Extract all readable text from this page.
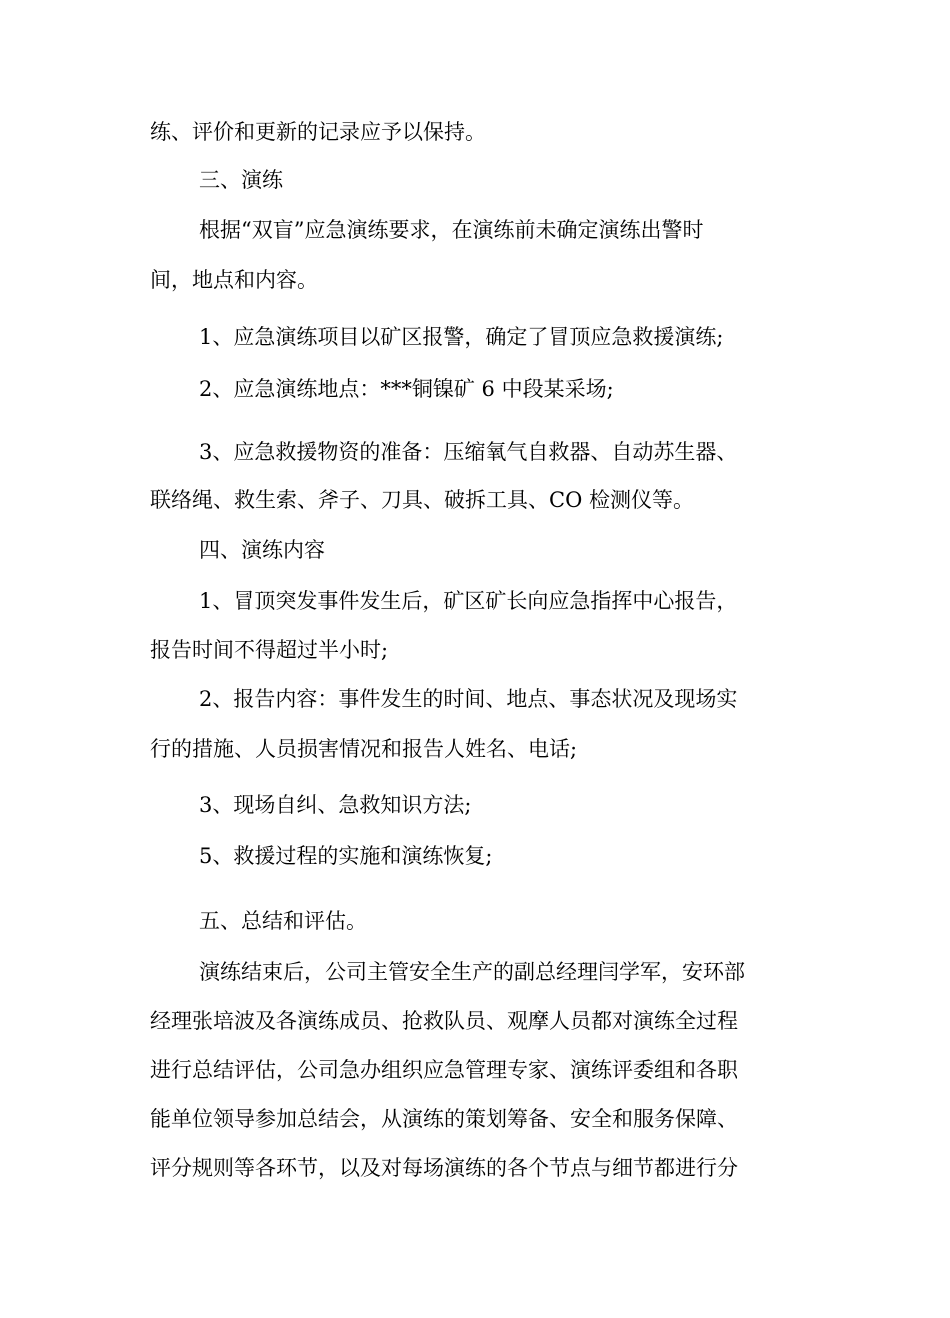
练、评价和更新的记录应予以保持。

三、演练

根据“双盲”应急演练要求，在演练前未确定演练出警时

间，地点和内容。

1、应急演练项目以矿区报警，确定了冒顶应急救援演练;

2、应急演练地点：***铜镍矿 6 中段某采场;

3、应急救援物资的准备：压缩氧气自救器、自动苏生器、

联络绳、救生索、斧子、刀具、破拆工具、CO 检测仪等。

四、演练内容

1、冒顶突发事件发生后，矿区矿长向应急指挥中心报告，

报告时间不得超过半小时;

2、报告内容：事件发生的时间、地点、事态状况及现场实

行的措施、人员损害情况和报告人姓名、电话;

3、现场自纠、急救知识方法;

5、救援过程的实施和演练恢复;

五、总结和评估。

演练结束后，公司主管安全生产的副总经理闫学军，安环部

经理张培波及各演练成员、抢救队员、观摩人员都对演练全过程

进行总结评估，公司急办组织应急管理专家、演练评委组和各职

能单位领导参加总结会，从演练的策划筹备、安全和服务保障、

评分规则等各环节，以及对每场演练的各个节点与细节都进行分
